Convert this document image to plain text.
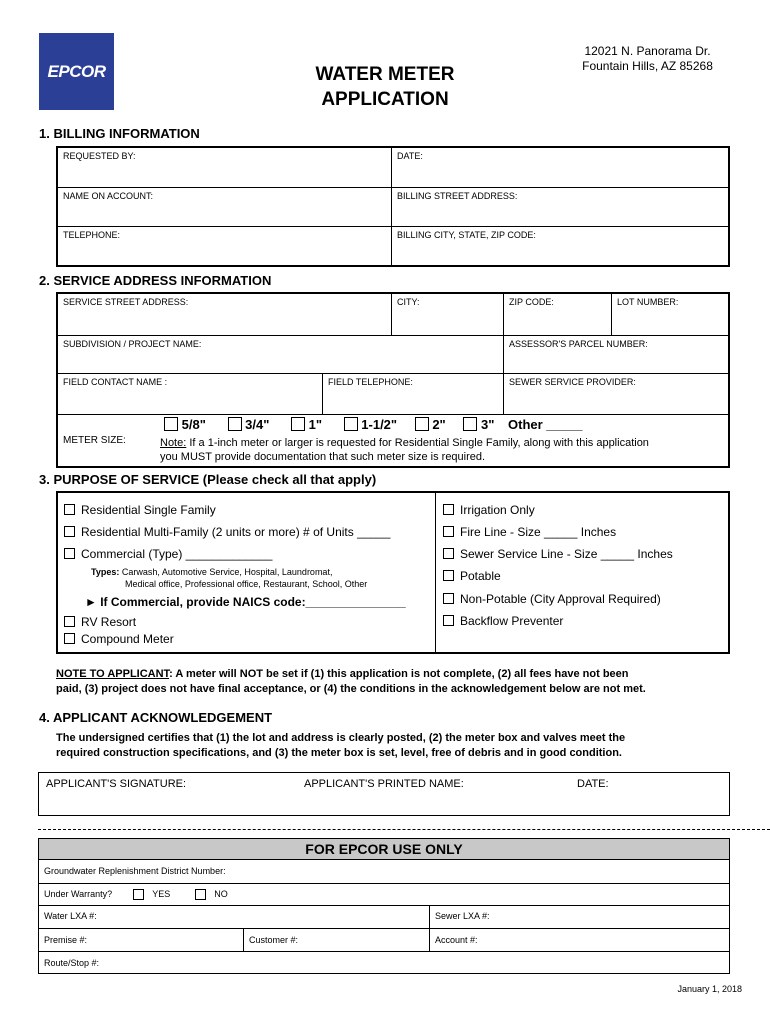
EPCOR	WATER METER
APPLICATION
12021 N. Panorama Dr.
Fountain Hills, AZ 85268
1. BILLING INFORMATION
REQUESTED BY:	DATE:
NAME ON ACCOUNT:	BILLING STREET ADDRESS:
TELEPHONE:	BILLING CITY, STATE, ZIP CODE:
2. SERVICE ADDRESS INFORMATION
SERVICE STREET ADDRESS:	CITY:	ZIP CODE:	LOT NUMBER:
SUBDIVISION / PROJECT NAME:	ASSESSOR'S PARCEL NUMBER:
FIELD CONTACT NAME :	FIELD TELEPHONE:	SEWER SERVICE PROVIDER:
METER SIZE:
5/8"	3/4"	1"	1-1/2"	2"	3" Other _____
Note: If a 1-inch meter or larger is requested for Residential Single Family, along with this application
you MUST provide documentation that such meter size is required.
3. PURPOSE OF SERVICE (Please check all that apply)
Residential Single Family
Residential Multi-Family (2 units or more) # of Units _____
Commercial (Type) _____________
Types: Carwash, Automotive Service, Hospital, Laundromat,
Medical office, Professional office, Restaurant, School, Other
► If Commercial, provide NAICS code:_______________
RV Resort
Compound Meter
Irrigation Only
Fire Line - Size _____ Inches
Sewer Service Line - Size _____ Inches
Potable
Non-Potable (City Approval Required)
Backflow Preventer
NOTE TO APPLICANT: A meter will NOT be set if (1) this application is not complete, (2) all fees have not been
paid, (3) project does not have final acceptance, or (4) the conditions in the acknowledgement below are not met.
4. APPLICANT ACKNOWLEDGEMENT
The undersigned certifies that (1) the lot and address is clearly posted, (2) the meter box and valves meet the
required construction specifications, and (3) the meter box is set, level, free of debris and in good condition.
APPLICANT'S SIGNATURE:	APPLICANT'S PRINTED NAME:	DATE:
FOR EPCOR USE ONLY
Groundwater Replenishment District Number:
Under Warranty?	YES	NO
Water LXA #:	Sewer LXA #:
Premise #:	Customer #:	Account #:
Route/Stop #:
January 1, 2018
